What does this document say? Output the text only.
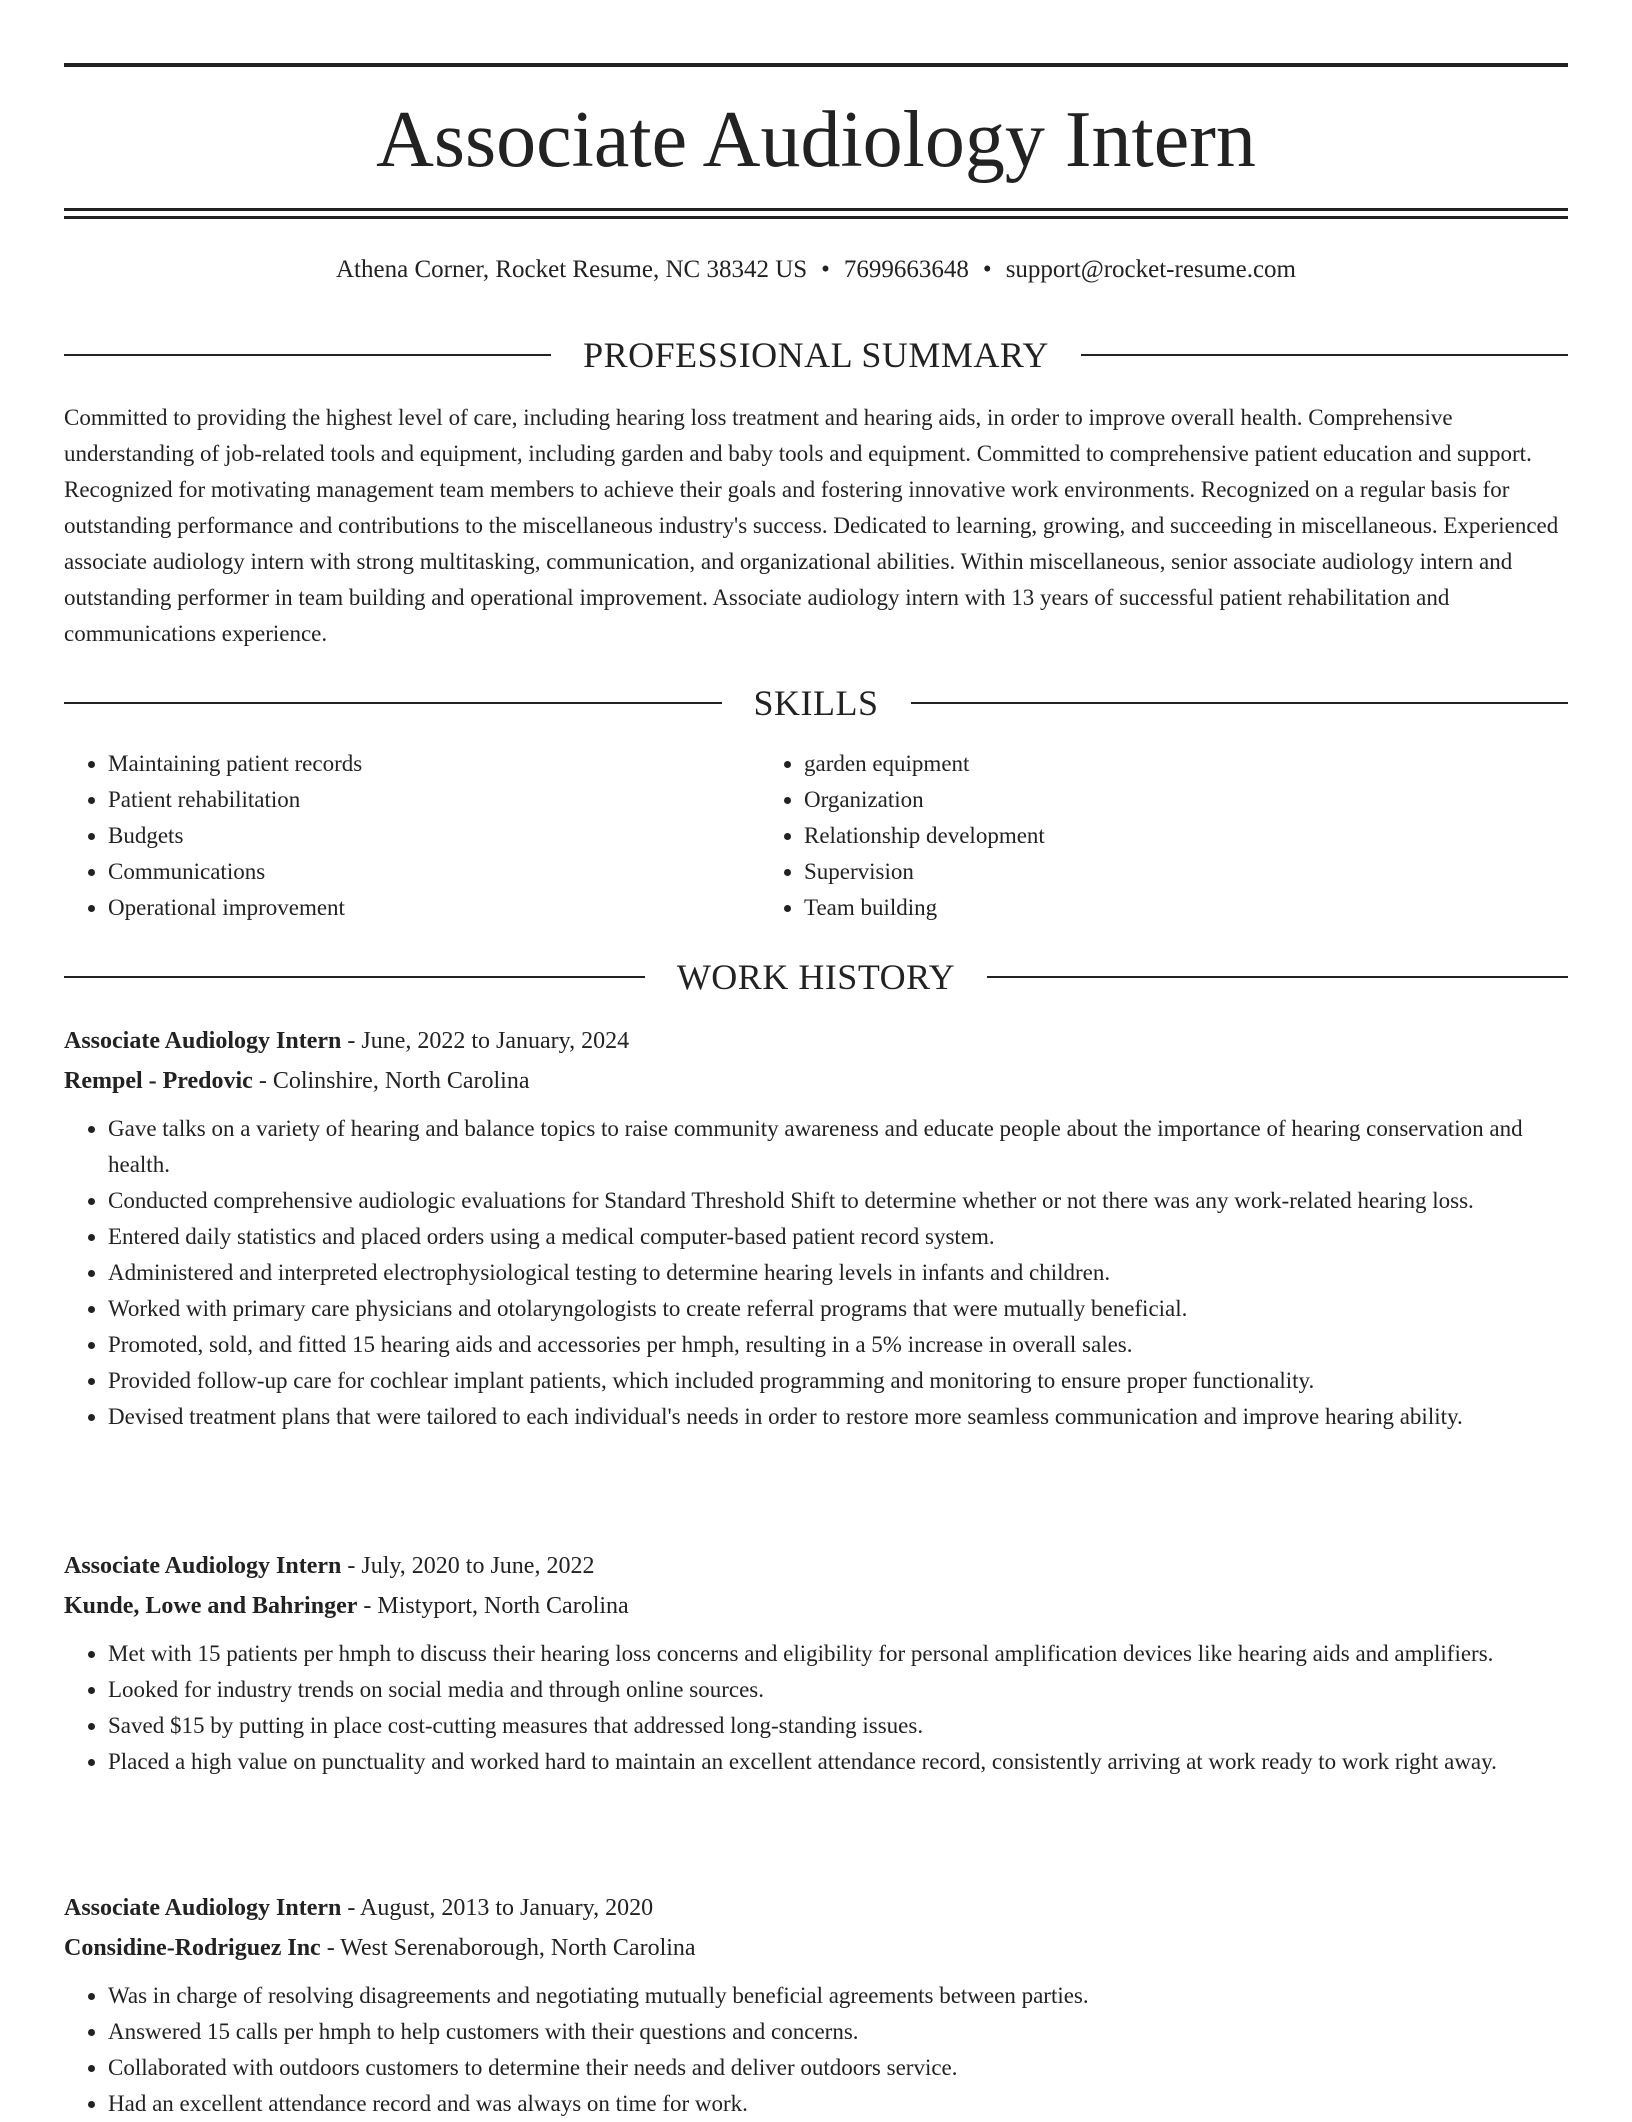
Associate Audiology Intern
Athena Corner, Rocket Resume, NC 38342 US • 7699663648 • support@rocket-resume.com
PROFESSIONAL SUMMARY

Committed to providing the highest level of care, including hearing loss treatment and hearing aids, in order to improve overall health. Comprehensive understanding of job-related tools and equipment, including garden and baby tools and equipment. Committed to comprehensive patient education and support. Recognized for motivating management team members to achieve their goals and fostering innovative work environments. Recognized on a regular basis for outstanding performance and contributions to the miscellaneous industry's success. Dedicated to learning, growing, and succeeding in miscellaneous. Experienced associate audiology intern with strong multitasking, communication, and organizational abilities. Within miscellaneous, senior associate audiology intern and outstanding performer in team building and operational improvement. Associate audiology intern with 13 years of successful patient rehabilitation and communications experience.

SKILLS
• Maintaining patient records
• Patient rehabilitation
• Budgets
• Communications
• Operational improvement
• garden equipment
• Organization
• Relationship development
• Supervision
• Team building
WORK HISTORY
Associate Audiology Intern - June, 2022 to January, 2024
Rempel - Predovic - Colinshire, North Carolina
• Gave talks on a variety of hearing and balance topics to raise community awareness and educate people about the importance of hearing conservation and health.
• Conducted comprehensive audiologic evaluations for Standard Threshold Shift to determine whether or not there was any work-related hearing loss.
• Entered daily statistics and placed orders using a medical computer-based patient record system.
• Administered and interpreted electrophysiological testing to determine hearing levels in infants and children.
• Worked with primary care physicians and otolaryngologists to create referral programs that were mutually beneficial.
• Promoted, sold, and fitted 15 hearing aids and accessories per hmph, resulting in a 5% increase in overall sales.
• Provided follow-up care for cochlear implant patients, which included programming and monitoring to ensure proper functionality.
• Devised treatment plans that were tailored to each individual's needs in order to restore more seamless communication and improve hearing ability.
Associate Audiology Intern - July, 2020 to June, 2022
Kunde, Lowe and Bahringer - Mistyport, North Carolina
• Met with 15 patients per hmph to discuss their hearing loss concerns and eligibility for personal amplification devices like hearing aids and amplifiers.
• Looked for industry trends on social media and through online sources.
• Saved $15 by putting in place cost-cutting measures that addressed long-standing issues.
• Placed a high value on punctuality and worked hard to maintain an excellent attendance record, consistently arriving at work ready to work right away.
Associate Audiology Intern - August, 2013 to January, 2020
Considine-Rodriguez Inc - West Serenaborough, North Carolina
• Was in charge of resolving disagreements and negotiating mutually beneficial agreements between parties.
• Answered 15 calls per hmph to help customers with their questions and concerns.
• Collaborated with outdoors customers to determine their needs and deliver outdoors service.
• Had an excellent attendance record and was always on time for work.
